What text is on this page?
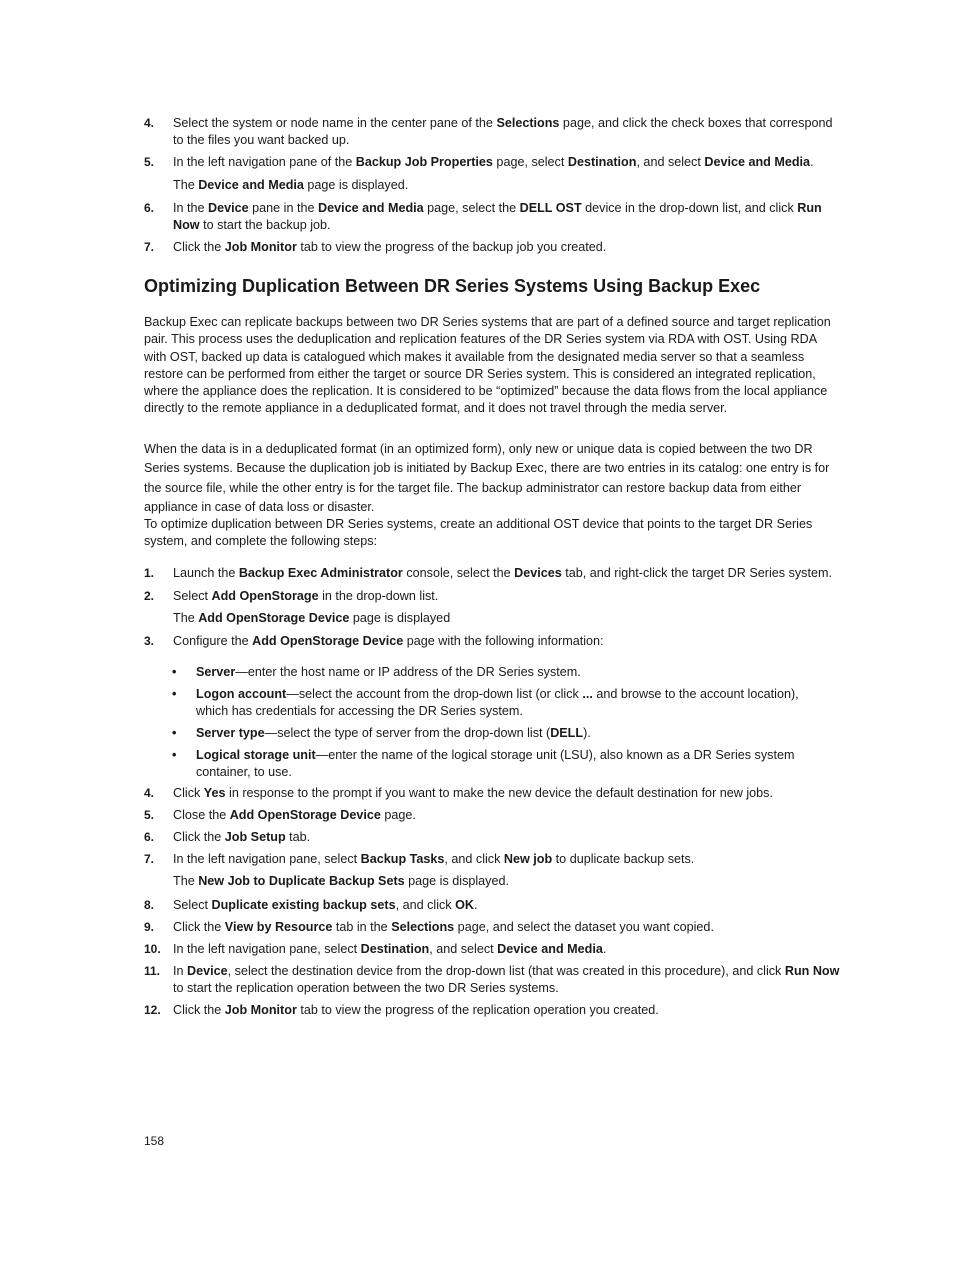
4. Select the system or node name in the center pane of the Selections page, and click the check boxes that correspond to the files you want backed up.
5. In the left navigation pane of the Backup Job Properties page, select Destination, and select Device and Media.
The Device and Media page is displayed.
6. In the Device pane in the Device and Media page, select the DELL OST device in the drop-down list, and click Run Now to start the backup job.
7. Click the Job Monitor tab to view the progress of the backup job you created.
Optimizing Duplication Between DR Series Systems Using Backup Exec
Backup Exec can replicate backups between two DR Series systems that are part of a defined source and target replication pair. This process uses the deduplication and replication features of the DR Series system via RDA with OST. Using RDA with OST, backed up data is catalogued which makes it available from the designated media server so that a seamless restore can be performed from either the target or source DR Series system. This is considered an integrated replication, where the appliance does the replication. It is considered to be “optimized” because the data flows from the local appliance directly to the remote appliance in a deduplicated format, and it does not travel through the media server.
When the data is in a deduplicated format (in an optimized form), only new or unique data is copied between the two DR Series systems. Because the duplication job is initiated by Backup Exec, there are two entries in its catalog: one entry is for the source file, while the other entry is for the target file. The backup administrator can restore backup data from either appliance in case of data loss or disaster.
To optimize duplication between DR Series systems, create an additional OST device that points to the target DR Series system, and complete the following steps:
1. Launch the Backup Exec Administrator console, select the Devices tab, and right-click the target DR Series system.
2. Select Add OpenStorage in the drop-down list.
The Add OpenStorage Device page is displayed
3. Configure the Add OpenStorage Device page with the following information:
• Server—enter the host name or IP address of the DR Series system.
• Logon account—select the account from the drop-down list (or click ... and browse to the account location), which has credentials for accessing the DR Series system.
• Server type—select the type of server from the drop-down list (DELL).
• Logical storage unit—enter the name of the logical storage unit (LSU), also known as a DR Series system container, to use.
4. Click Yes in response to the prompt if you want to make the new device the default destination for new jobs.
5. Close the Add OpenStorage Device page.
6. Click the Job Setup tab.
7. In the left navigation pane, select Backup Tasks, and click New job to duplicate backup sets.
The New Job to Duplicate Backup Sets page is displayed.
8. Select Duplicate existing backup sets, and click OK.
9. Click the View by Resource tab in the Selections page, and select the dataset you want copied.
10. In the left navigation pane, select Destination, and select Device and Media.
11. In Device, select the destination device from the drop-down list (that was created in this procedure), and click Run Now to start the replication operation between the two DR Series systems.
12. Click the Job Monitor tab to view the progress of the replication operation you created.
158
